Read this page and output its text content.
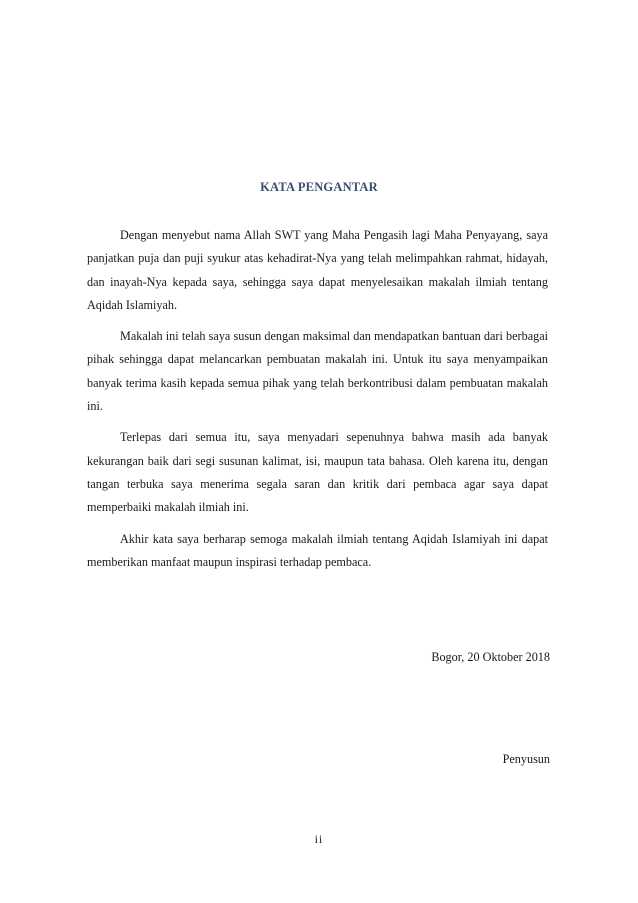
KATA PENGANTAR

Dengan menyebut nama Allah SWT yang Maha Pengasih lagi Maha Penyayang, saya panjatkan puja dan puji syukur atas kehadirat-Nya yang telah melimpahkan rahmat, hidayah, dan inayah-Nya kepada saya, sehingga saya dapat menyelesaikan makalah ilmiah tentang Aqidah Islamiyah.

Makalah ini telah saya susun dengan maksimal dan mendapatkan bantuan dari berbagai pihak sehingga dapat melancarkan pembuatan makalah ini. Untuk itu saya menyampaikan banyak terima kasih kepada semua pihak yang telah berkontribusi dalam pembuatan makalah ini.

Terlepas dari semua itu, saya menyadari sepenuhnya bahwa masih ada banyak kekurangan baik dari segi susunan kalimat, isi, maupun tata bahasa. Oleh karena itu, dengan tangan terbuka saya menerima segala saran dan kritik dari pembaca agar saya dapat memperbaiki makalah ilmiah ini.

Akhir kata saya berharap semoga makalah ilmiah tentang Aqidah Islamiyah ini dapat memberikan manfaat maupun inspirasi terhadap pembaca.

Bogor, 20 Oktober 2018
Penyusun
ii
